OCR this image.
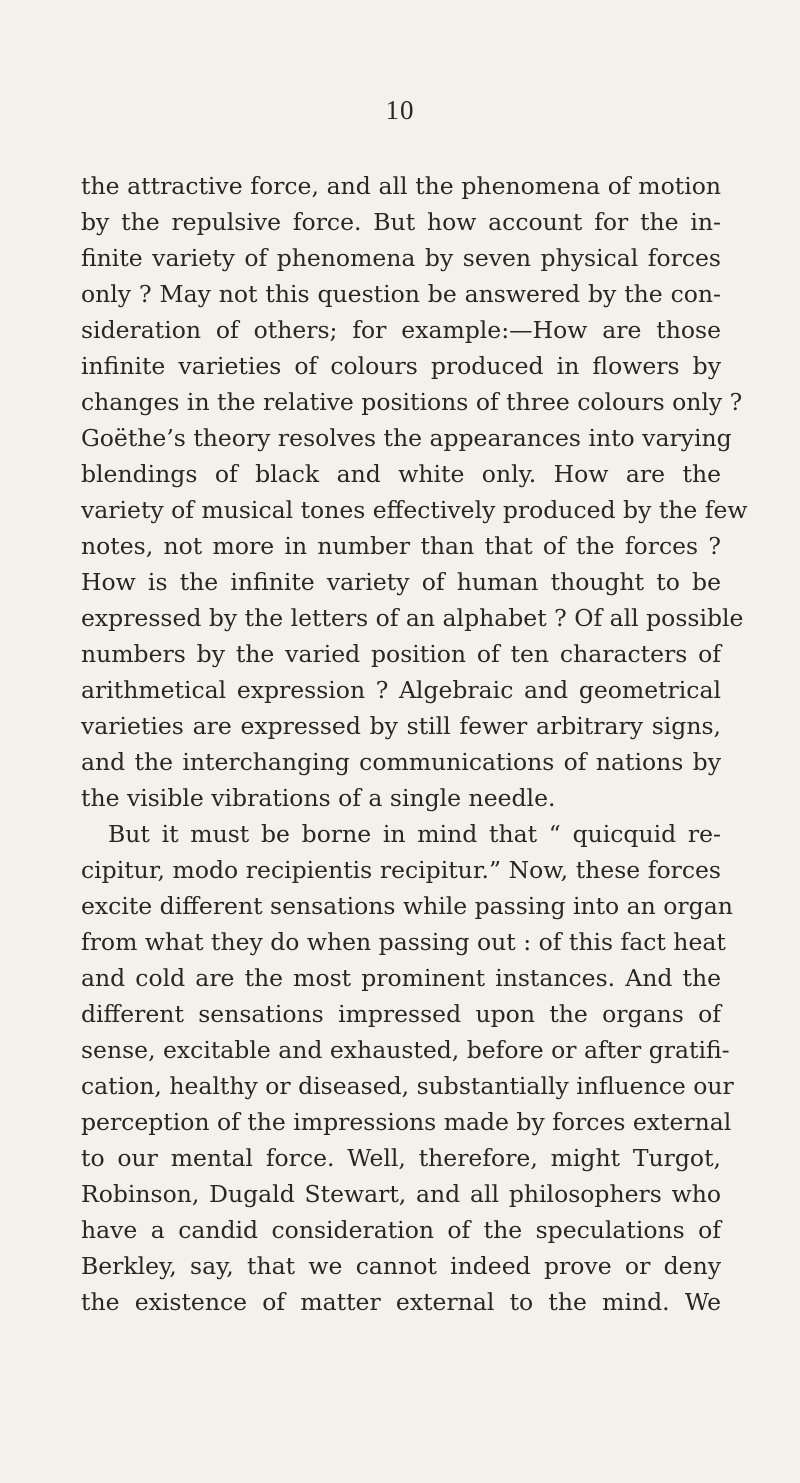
10
the attractive force, and all the phenomena of motion
by the repulsive force. But how account for the in-
finite variety of phenomena by seven physical forces
only ? May not this question be answered by the con-
sideration of others; for example:—How are those
infinite varieties of colours produced in flowers by
changes in the relative positions of three colours only ?
Goëthe’s theory resolves the appearances into varying
blendings of black and white only. How are the
variety of musical tones effectively produced by the few
notes, not more in number than that of the forces ?
How is the infinite variety of human thought to be
expressed by the letters of an alphabet ? Of all possible
numbers by the varied position of ten characters of
arithmetical expression ? Algebraic and geometrical
varieties are expressed by still fewer arbitrary signs,
and the interchanging communications of nations by
the visible vibrations of a single needle.
But it must be borne in mind that “ quicquid re-
cipitur, modo recipientis recipitur.” Now, these forces
excite different sensations while passing into an organ
from what they do when passing out : of this fact heat
and cold are the most prominent instances. And the
different sensations impressed upon the organs of
sense, excitable and exhausted, before or after gratifi-
cation, healthy or diseased, substantially influence our
perception of the impressions made by forces external
to our mental force. Well, therefore, might Turgot,
Robinson, Dugald Stewart, and all philosophers who
have a candid consideration of the speculations of
Berkley, say, that we cannot indeed prove or deny
the existence of matter external to the mind. We
